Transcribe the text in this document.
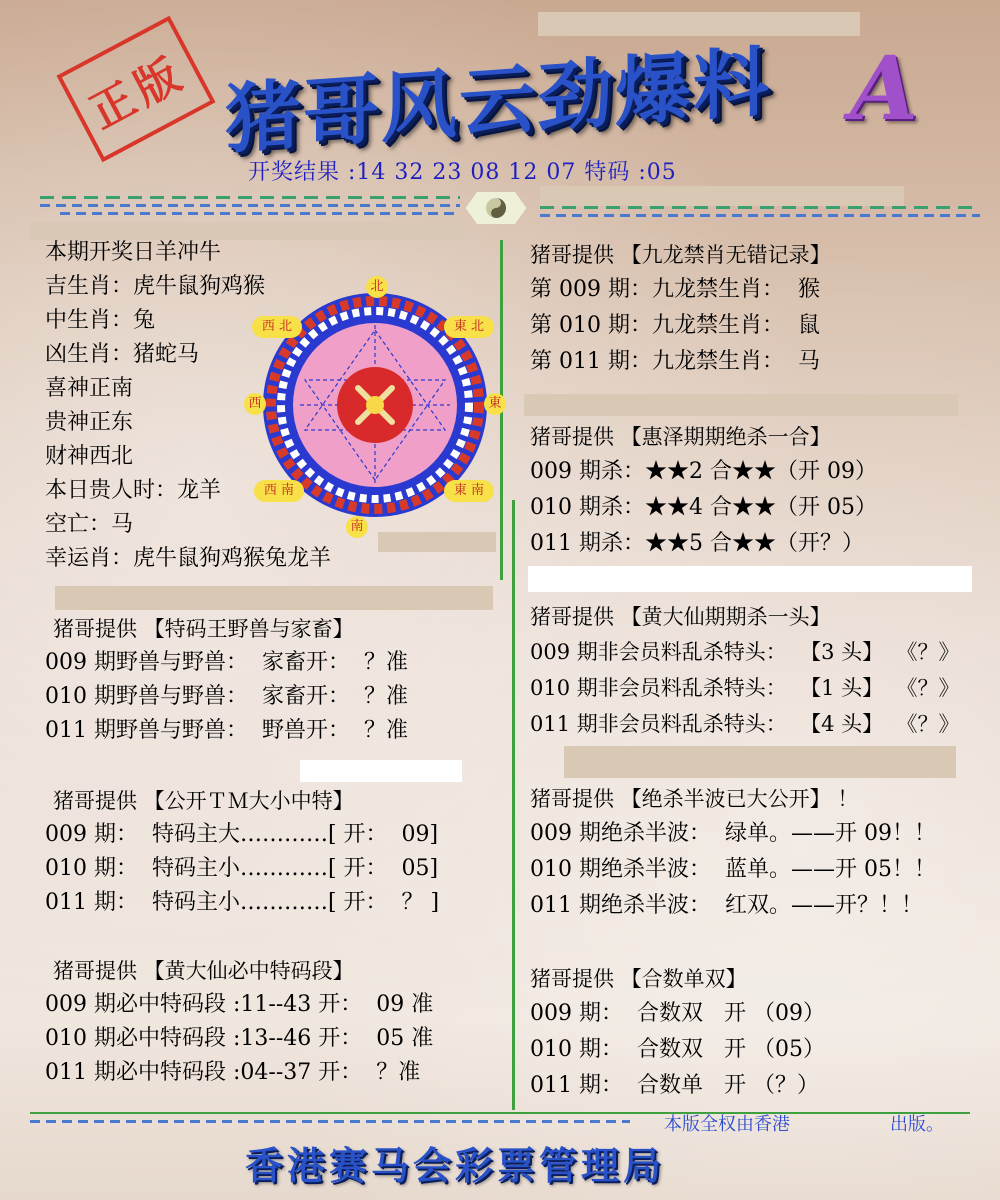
正版 猪哥风云劲爆料 A
开奖结果 :14 32 23 08 12 07 特码 :05
本期开奖日羊冲牛
吉生肖：虎牛鼠狗鸡猴
中生肖：兔
凶生肖：猪蛇马
喜神正南
贵神正东
财神西北
本日贵人时：龙羊
空亡：马
幸运肖：虎牛鼠狗鸡猴兔龙羊
北
東 北
東
東 南
南
西 南
西
西 北
猪哥提供 【特码王野兽与家畜】
009 期野兽与野兽：  家畜开：  ？准
010 期野兽与野兽：  家畜开：  ？准
011 期野兽与野兽：  野兽开：  ？准
猪哥提供 【公开ＴＭ大小中特】
009 期：  特码主大…………[ 开：  09]
010 期：  特码主小…………[ 开：  05]
011 期：  特码主小…………[ 开：  ？ ]
猪哥提供 【黄大仙必中特码段】
009 期必中特码段 :11--43 开：  09 准
010 期必中特码段 :13--46 开：  05 准
011 期必中特码段 :04--37 开：  ？准
猪哥提供 【九龙禁肖无错记录】
第 009 期：九龙禁生肖：  猴
第 010 期：九龙禁生肖：  鼠
第 011 期：九龙禁生肖：  马
猪哥提供 【惠泽期期绝杀一合】
009 期杀：★★2 合★★（开 09）
010 期杀：★★4 合★★（开 05）
011 期杀：★★5 合★★（开？）
猪哥提供 【黄大仙期期杀一头】
009 期非会员料乱杀特头：  【3 头】  《？》
010 期非会员料乱杀特头：  【1 头】  《？》
011 期非会员料乱杀特头：  【4 头】  《？》
猪哥提供 【绝杀半波已大公开】 ！
009 期绝杀半波：  绿单。——开 09！！
010 期绝杀半波：  蓝单。——开 05！！
011 期绝杀半波：  红双。——开？！！
猪哥提供 【合数单双】
009 期：  合数双   开 （09）
010 期：  合数双   开 （05）
011 期：  合数单   开 （？）
本版全权由香港	出版。
香港赛马会彩票管理局
